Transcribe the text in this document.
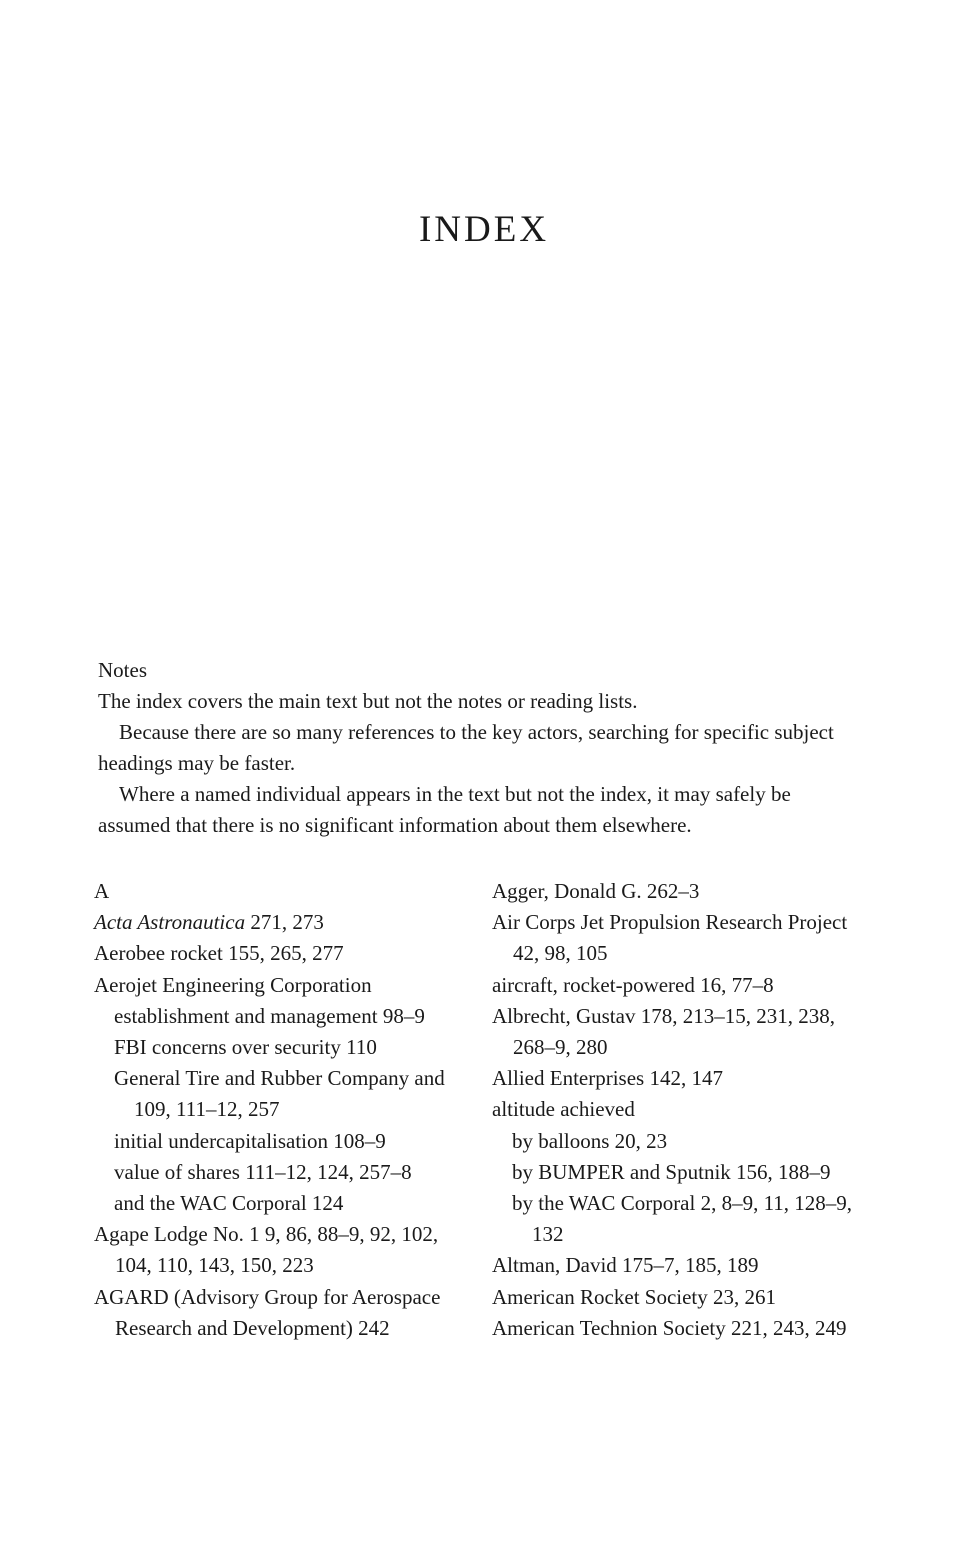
INDEX
Notes

The index covers the main text but not the notes or reading lists.

Because there are so many references to the key actors, searching for specific subject headings may be faster.

Where a named individual appears in the text but not the index, it may safely be assumed that there is no significant information about them elsewhere.

A
Acta Astronautica 271, 273
Aerobee rocket 155, 265, 277
Aerojet Engineering Corporation
establishment and management 98–9
FBI concerns over security 110
General Tire and Rubber Company and 109, 111–12, 257
initial undercapitalisation 108–9
value of shares 111–12, 124, 257–8
and the WAC Corporal 124
Agape Lodge No. 1 9, 86, 88–9, 92, 102, 104, 110, 143, 150, 223
AGARD (Advisory Group for Aerospace Research and Development) 242
Agger, Donald G. 262–3
Air Corps Jet Propulsion Research Project 42, 98, 105
aircraft, rocket-powered 16, 77–8
Albrecht, Gustav 178, 213–15, 231, 238, 268–9, 280
Allied Enterprises 142, 147
altitude achieved
by balloons 20, 23
by BUMPER and Sputnik 156, 188–9
by the WAC Corporal 2, 8–9, 11, 128–9, 132
Altman, David 175–7, 185, 189
American Rocket Society 23, 261
American Technion Society 221, 243, 249
